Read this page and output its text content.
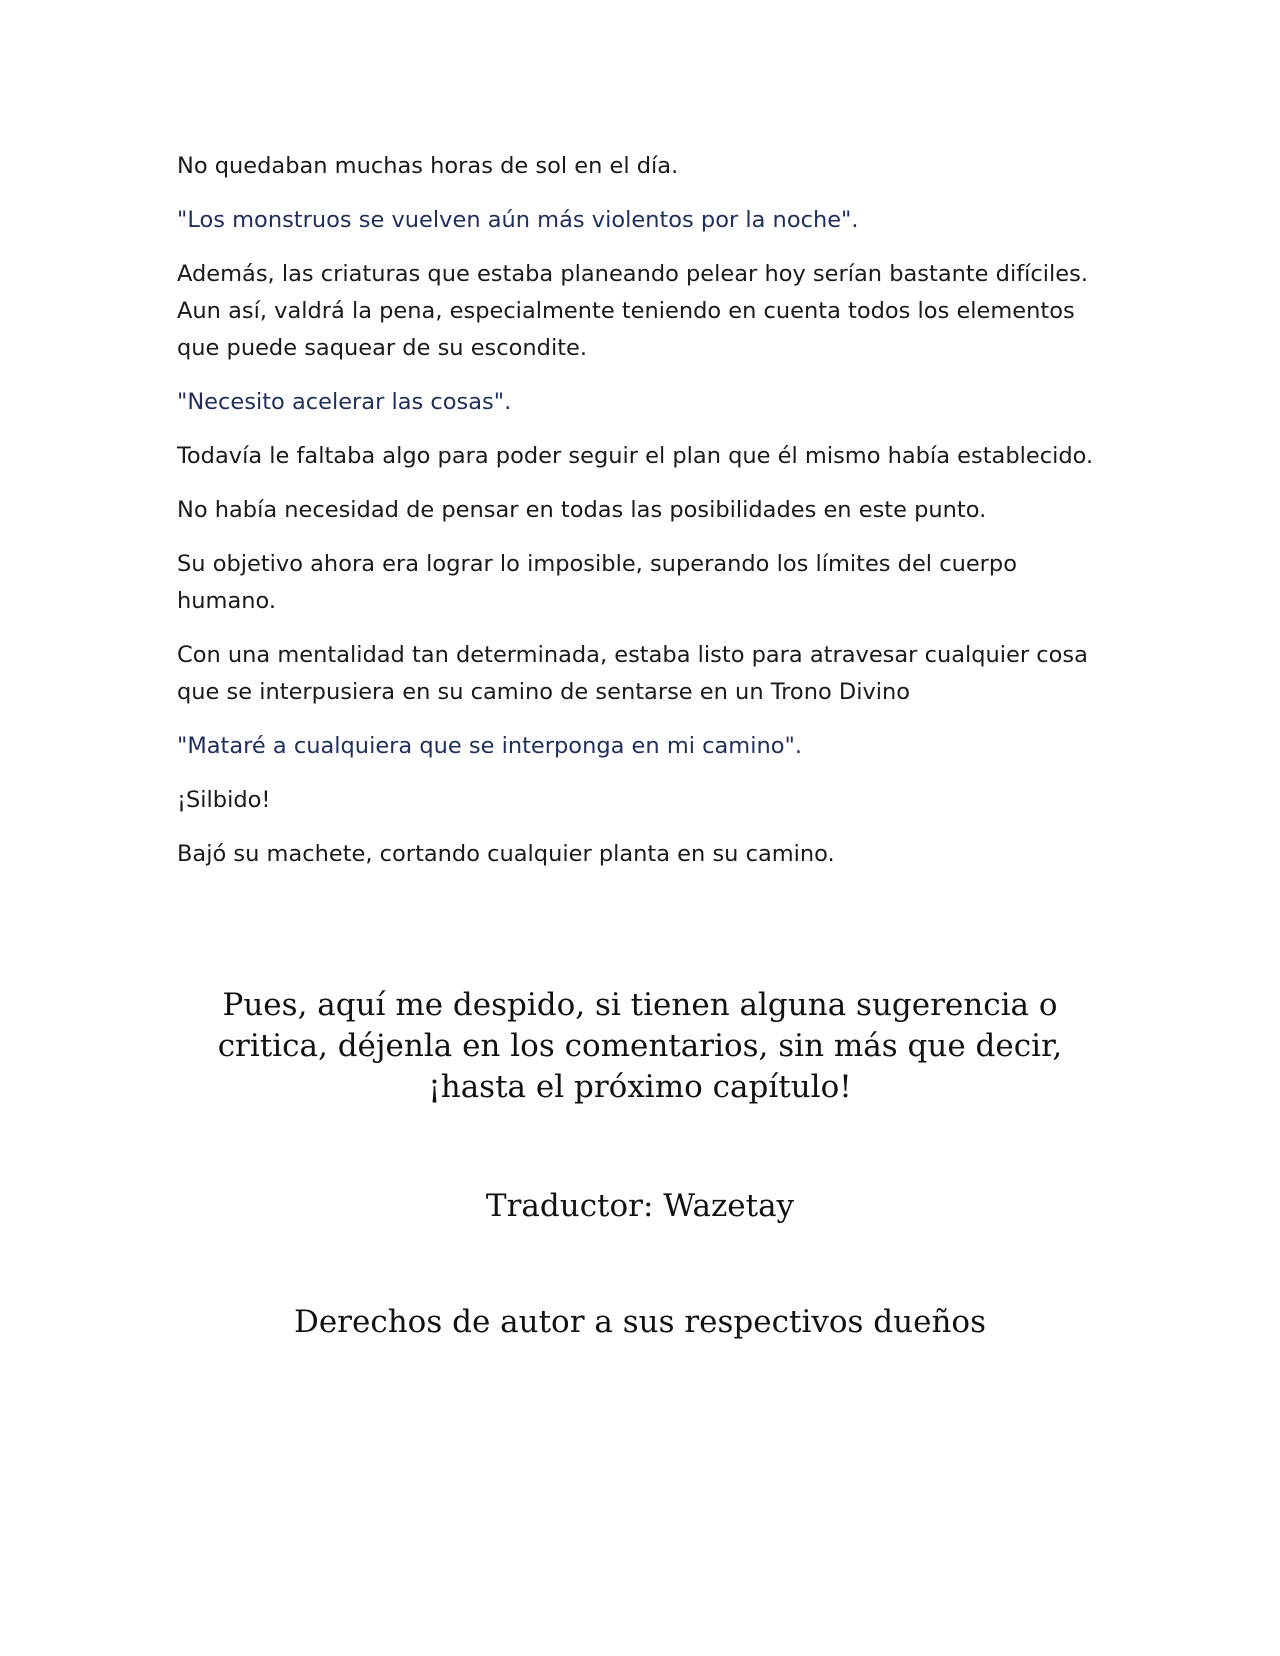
No quedaban muchas horas de sol en el día.

"Los monstruos se vuelven aún más violentos por la noche".

Además, las criaturas que estaba planeando pelear hoy serían bastante difíciles. Aun así, valdrá la pena, especialmente teniendo en cuenta todos los elementos que puede saquear de su escondite.

"Necesito acelerar las cosas".

Todavía le faltaba algo para poder seguir el plan que él mismo había establecido.

No había necesidad de pensar en todas las posibilidades en este punto.

Su objetivo ahora era lograr lo imposible, superando los límites del cuerpo humano.

Con una mentalidad tan determinada, estaba listo para atravesar cualquier cosa que se interpusiera en su camino de sentarse en un Trono Divino

"Mataré a cualquiera que se interponga en mi camino".

¡Silbido!

Bajó su machete, cortando cualquier planta en su camino.

Pues, aquí me despido, si tienen alguna sugerencia o critica, déjenla en los comentarios, sin más que decir, ¡hasta el próximo capítulo!
Traductor: Wazetay
Derechos de autor a sus respectivos dueños
